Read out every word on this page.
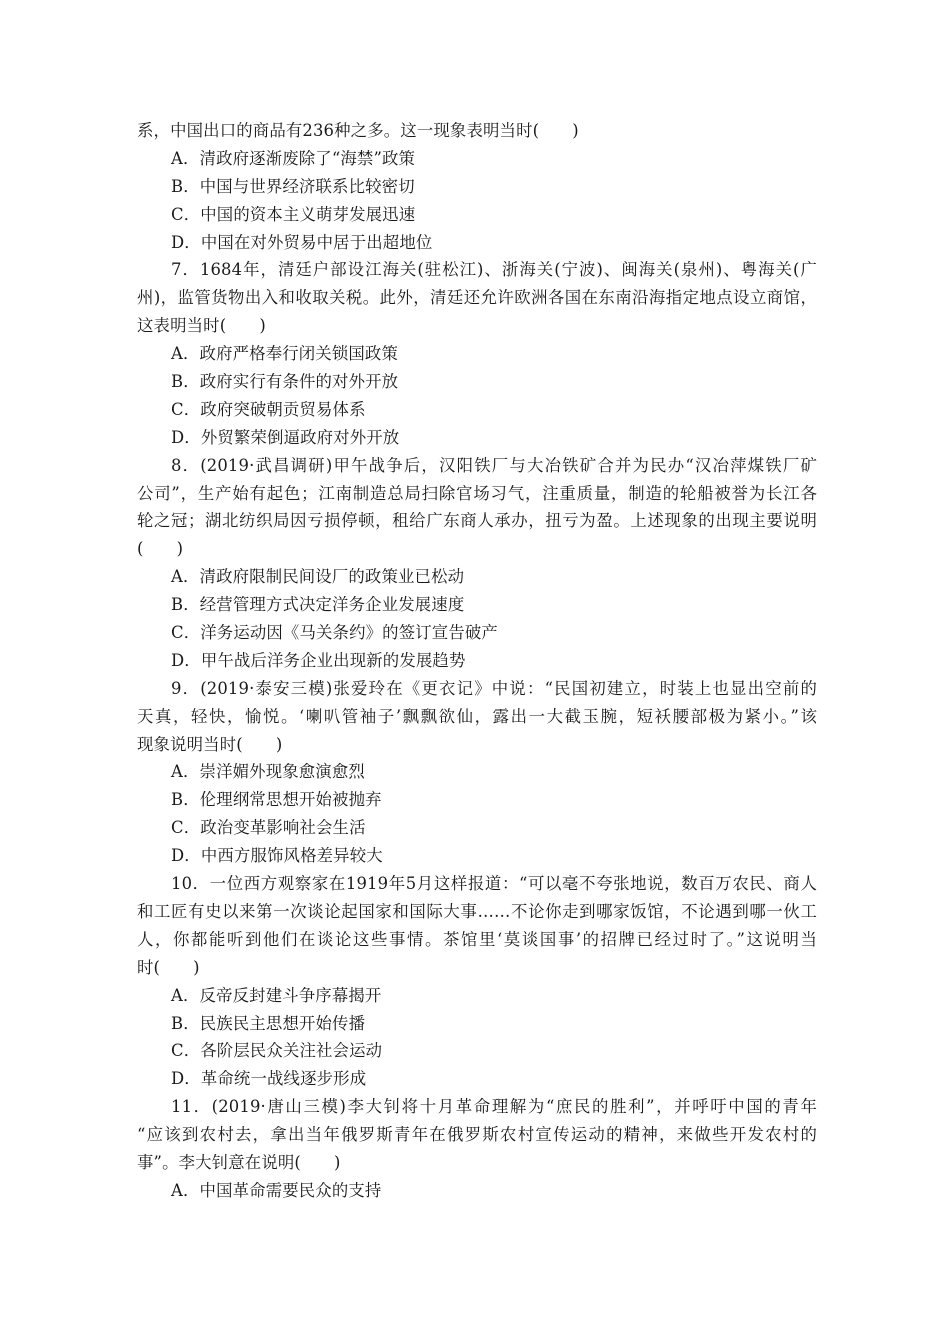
系，中国出口的商品有236种之多。这一现象表明当时(　　)
A．清政府逐渐废除了“海禁”政策
B．中国与世界经济联系比较密切
C．中国的资本主义萌芽发展迅速
D．中国在对外贸易中居于出超地位
7．1684年，清廷户部设江海关(驻松江)、浙海关(宁波)、闽海关(泉州)、粤海关(广
州)，监管货物出入和收取关税。此外，清廷还允许欧洲各国在东南沿海指定地点设立商馆，
这表明当时(　　)
A．政府严格奉行闭关锁国政策
B．政府实行有条件的对外开放
C．政府突破朝贡贸易体系
D．外贸繁荣倒逼政府对外开放
8．(2019·武昌调研)甲午战争后，汉阳铁厂与大冶铁矿合并为民办“汉冶萍煤铁厂矿
公司”，生产始有起色；江南制造总局扫除官场习气，注重质量，制造的轮船被誉为长江各
轮之冠；湖北纺织局因亏损停顿，租给广东商人承办，扭亏为盈。上述现象的出现主要说明
(　　)
A．清政府限制民间设厂的政策业已松动
B．经营管理方式决定洋务企业发展速度
C．洋务运动因《马关条约》的签订宣告破产
D．甲午战后洋务企业出现新的发展趋势
9．(2019·泰安三模)张爱玲在《更衣记》中说：“民国初建立，时装上也显出空前的
天真，轻快，愉悦。‘喇叭管袖子’飘飘欲仙，露出一大截玉腕，短袄腰部极为紧小。”该
现象说明当时(　　)
A．崇洋媚外现象愈演愈烈
B．伦理纲常思想开始被抛弃
C．政治变革影响社会生活
D．中西方服饰风格差异较大
10．一位西方观察家在1919年5月这样报道：“可以毫不夸张地说，数百万农民、商人
和工匠有史以来第一次谈论起国家和国际大事……不论你走到哪家饭馆，不论遇到哪一伙工
人，你都能听到他们在谈论这些事情。茶馆里‘莫谈国事’的招牌已经过时了。”这说明当
时(　　)
A．反帝反封建斗争序幕揭开
B．民族民主思想开始传播
C．各阶层民众关注社会运动
D．革命统一战线逐步形成
11．(2019·唐山三模)李大钊将十月革命理解为“庶民的胜利”，并呼吁中国的青年
“应该到农村去，拿出当年俄罗斯青年在俄罗斯农村宣传运动的精神，来做些开发农村的
事”。李大钊意在说明(　　)
A．中国革命需要民众的支持
